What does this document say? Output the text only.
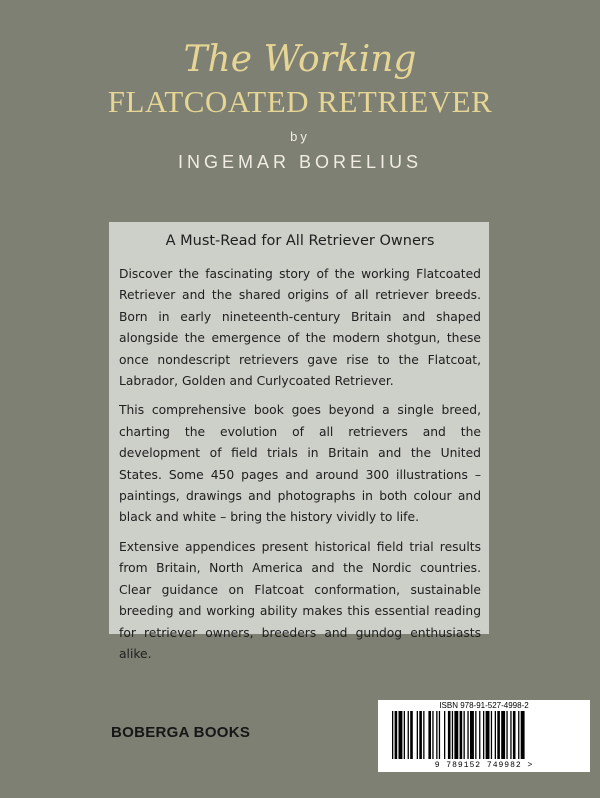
The Working
FLATCOATED RETRIEVER
by
INGEMAR BORELIUS
A Must-Read for All Retriever Owners

Discover the fascinating story of the working Flatcoated Retriever and the shared origins of all retriever breeds. Born in early nineteenth-century Britain and shaped alongside the emergence of the modern shotgun, these once nondescript retrievers gave rise to the Flatcoat, Labrador, Golden and Curlycoated Retriever.

This comprehensive book goes beyond a single breed, charting the evolution of all retrievers and the development of field trials in Britain and the United States. Some 450 pages and around 300 illustrations – paintings, drawings and photographs in both colour and black and white – bring the history vividly to life.

Extensive appendices present historical field trial results from Britain, North America and the Nordic countries. Clear guidance on Flatcoat conformation, sustainable breeding and working ability makes this essential reading for retriever owners, breeders and gundog enthusiasts alike.

BOBERGA BOOKS
ISBN 978-91-527-4998-2
9 789152 749982 >
